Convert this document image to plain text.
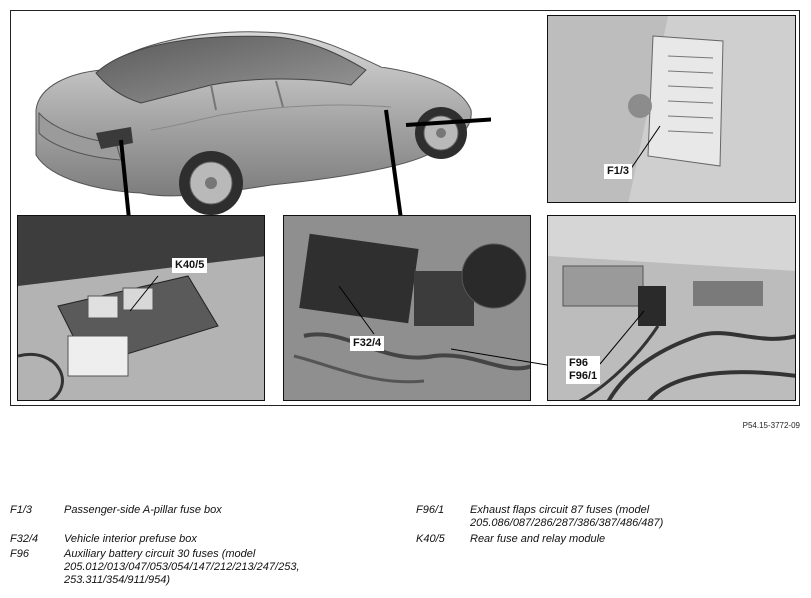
F1/3
K40/5
F32/4
F96
F96/1
P54.15-3772-09
F1/3	Passenger-side A-pillar fuse box
F32/4 Vehicle interior prefuse box
F96	Auxiliary battery circuit 30 fuses (model 205.012/013/047/053/054/147/212/213/247/253, 253.311/354/911/954)
F96/1 Exhaust flaps circuit 87 fuses (model 205.086/087/286/287/386/387/486/487)
K40/5 Rear fuse and relay module
